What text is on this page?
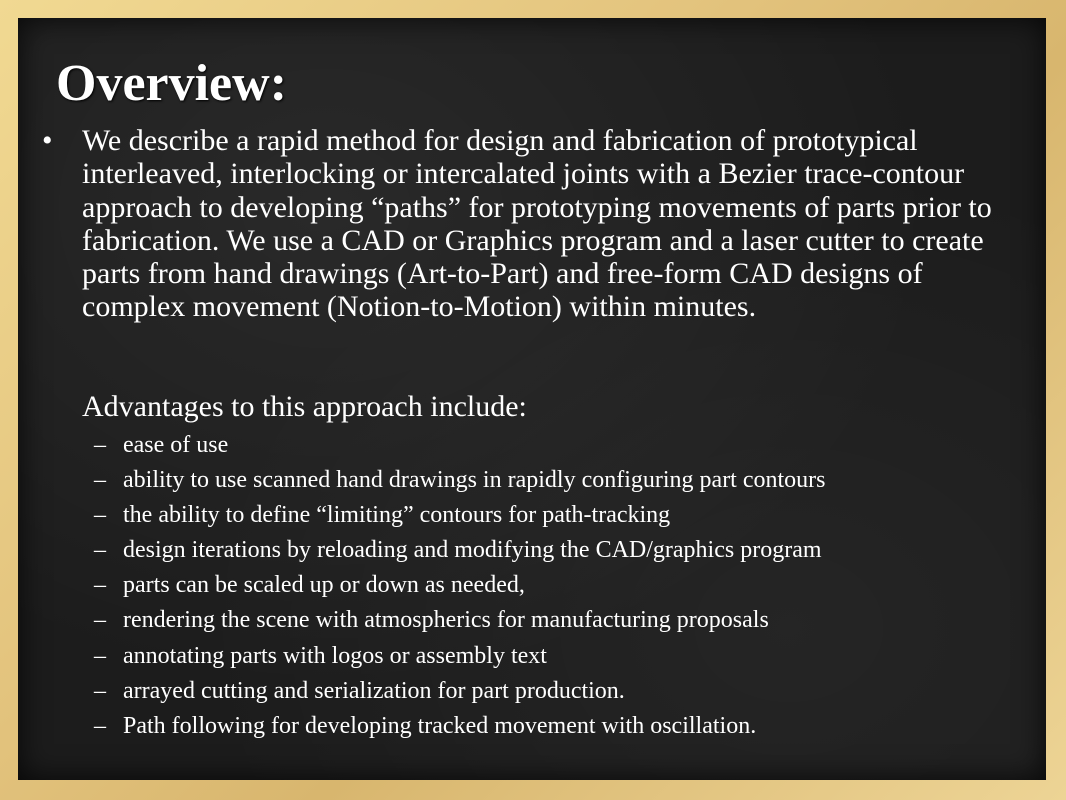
Overview:
• We describe a rapid method for design and fabrication of prototypical interleaved, interlocking or intercalated joints with a Bezier trace-contour approach to developing “paths” for prototyping movements of parts prior to fabrication. We use a CAD or Graphics program and a laser cutter to create parts from hand drawings (Art-to-Part) and free-form CAD designs of complex movement (Notion-to-Motion) within minutes.

Advantages to this approach include:

– ease of use
– ability to use scanned hand drawings in rapidly configuring part contours
– the ability to define “limiting” contours for path-tracking
– design iterations by reloading and modifying the CAD/graphics program
– parts can be scaled up or down as needed,
– rendering the scene with atmospherics for manufacturing proposals
– annotating parts with logos or assembly text
– arrayed cutting and serialization for part production.
– Path following for developing tracked movement with oscillation.
